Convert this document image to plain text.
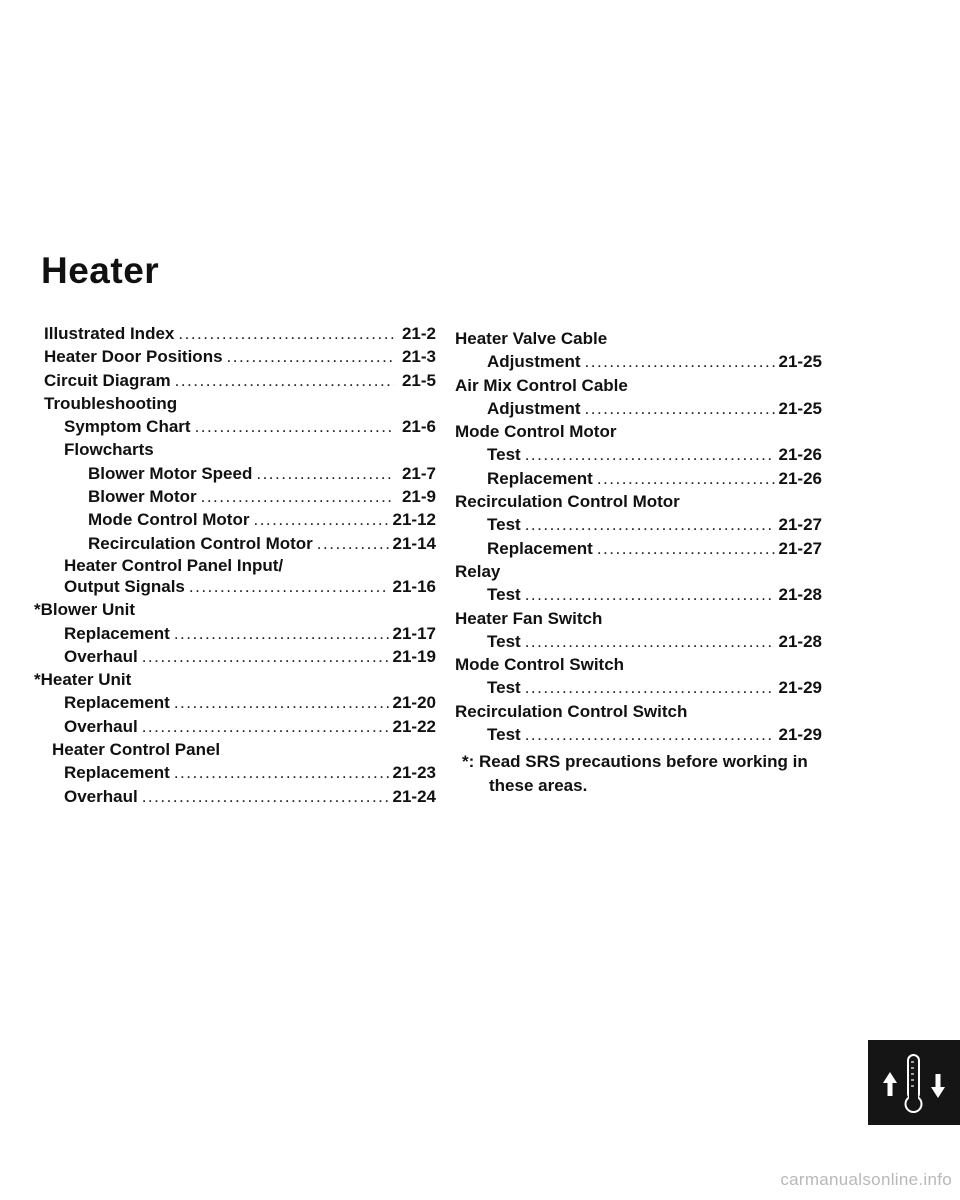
Heater
Illustrated Index .....	21-2
Heater Door Positions .....	21-3
Circuit Diagram .....	21-5
Troubleshooting
Symptom Chart .....	21-6
Flowcharts
Blower Motor Speed .....	21-7
Blower Motor .....	21-9
Mode Control Motor .....	21-12
Recirculation Control Motor .....	21-14
Heater Control Panel Input/
Output Signals .....	21-16
*Blower Unit
Replacement .....	21-17
Overhaul .....	21-19
*Heater Unit
Replacement .....	21-20
Overhaul .....	21-22
Heater Control Panel
Replacement .....	21-23
Overhaul .....	21-24
Heater Valve Cable
Adjustment .....	21-25
Air Mix Control Cable
Adjustment .....	21-25
Mode Control Motor
Test .....	21-26
Replacement .....	21-26
Recirculation Control Motor
Test .....	21-27
Replacement .....	21-27
Relay
Test .....	21-28
Heater Fan Switch
Test .....	21-28
Mode Control Switch
Test .....	21-29
Recirculation Control Switch
Test .....	21-29
*: Read SRS precautions before working in
these areas.
carmanualsonline.info
